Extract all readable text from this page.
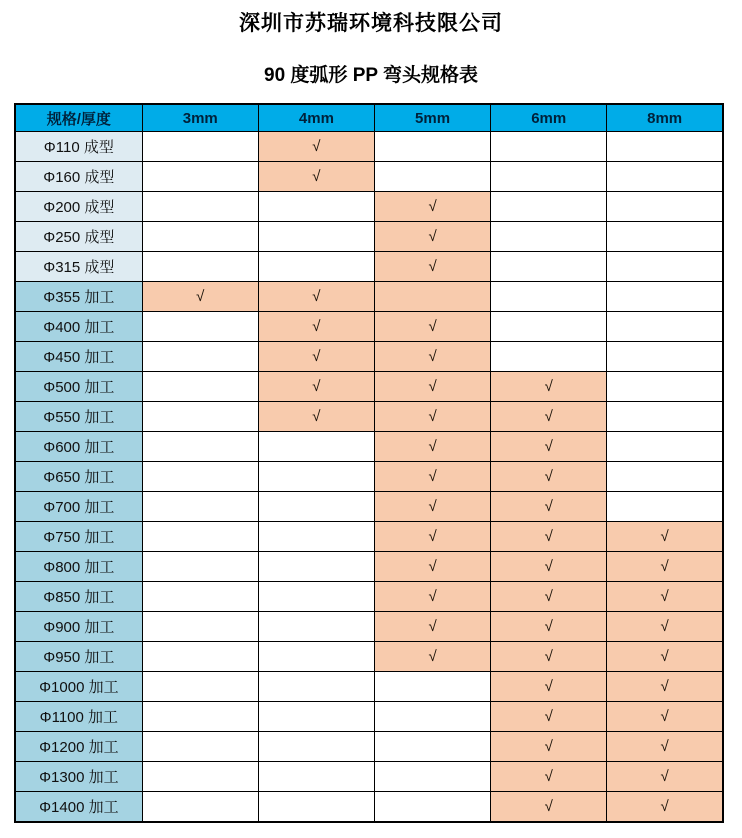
深圳市苏瑞环境科技限公司
90 度弧形 PP 弯头规格表
规格/厚度	3mm	4mm	5mm	6mm	8mm
Φ110 成型		√			
Φ160 成型		√			
Φ200 成型			√		
Φ250 成型			√		
Φ315 成型			√		
Φ355 加工	√	√			
Φ400 加工		√	√		
Φ450 加工		√	√		
Φ500 加工		√	√	√	
Φ550 加工		√	√	√	
Φ600 加工			√	√	
Φ650 加工			√	√	
Φ700 加工			√	√	
Φ750 加工			√	√	√
Φ800 加工			√	√	√
Φ850 加工			√	√	√
Φ900 加工			√	√	√
Φ950 加工			√	√	√
Φ1000 加工				√	√
Φ1100 加工				√	√
Φ1200 加工				√	√
Φ1300 加工				√	√
Φ1400 加工				√	√
